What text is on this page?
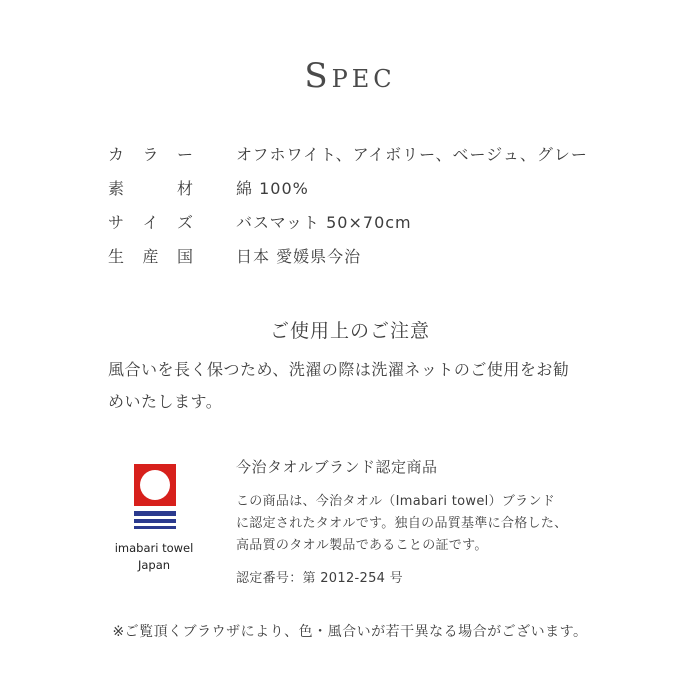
Spec
カ ラ ー	オフホワイト、アイボリー、ベージュ、グレー
素	材	綿 100%
サ イ ズ	バスマット 50×70cm
生 産 国	日本 愛媛県今治
ご使用上のご注意
風合いを長く保つため、洗濯の際は洗濯ネットのご使用をお勧
めいたします。
imabari towel
Japan
今治タオルブランド認定商品
この商品は、今治タオル（Imabari towel）ブランド
に認定されたタオルです。独自の品質基準に合格した、
高品質のタオル製品であることの証です。
認定番号：第 2012-254 号
※ご覧頂くブラウザにより、色・風合いが若干異なる場合がございます。
